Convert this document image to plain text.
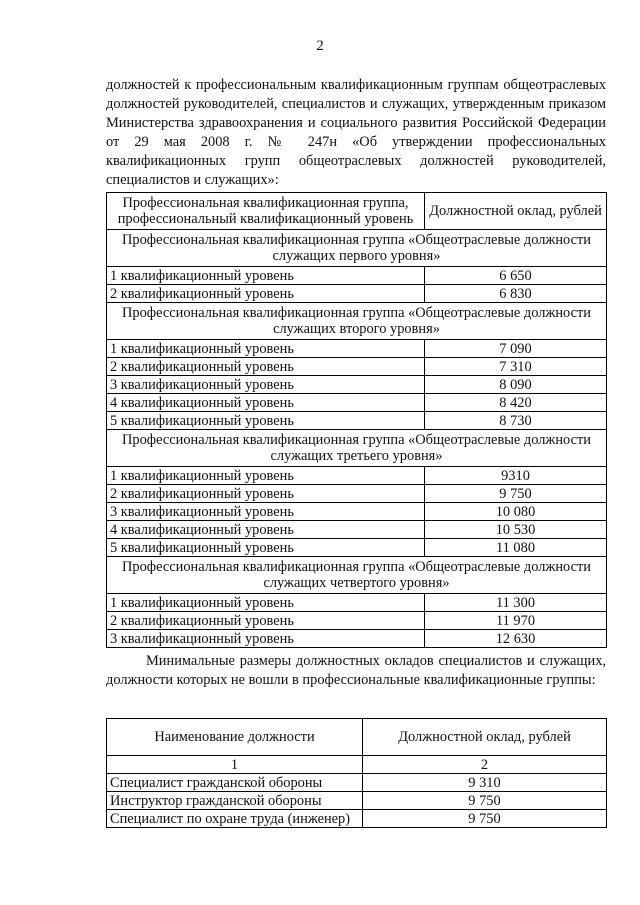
2

должностей к профессиональным квалификационным группам общеотраслевых должностей руководителей, специалистов и служащих, утвержденным приказом Министерства здравоохранения и социального развития Российской Федерации от 29 мая 2008 г. № 247н «Об утверждении профессиональных квалификационных групп общеотраслевых должностей руководителей, специалистов и служащих»:

Профессиональная квалификационная группа, профессиональный квалификационный уровень	Должностной оклад, рублей
Профессиональная квалификационная группа «Общеотраслевые должности служащих первого уровня»	
1 квалификационный уровень	6 650
2 квалификационный уровень	6 830
Профессиональная квалификационная группа «Общеотраслевые должности служащих второго уровня»	
1 квалификационный уровень	7 090
2 квалификационный уровень	7 310
3 квалификационный уровень	8 090
4 квалификационный уровень	8 420
5 квалификационный уровень	8 730
Профессиональная квалификационная группа «Общеотраслевые должности служащих третьего уровня»	
1 квалификационный уровень	9310
2 квалификационный уровень	9 750
3 квалификационный уровень	10 080
4 квалификационный уровень	10 530
5 квалификационный уровень	11 080
Профессиональная квалификационная группа «Общеотраслевые должности служащих четвертого уровня»	
1 квалификационный уровень	11 300
2 квалификационный уровень	11 970
3 квалификационный уровень	12 630

Минимальные размеры должностных окладов специалистов и служащих, должности которых не вошли в профессиональные квалификационные группы:

Наименование должности	Должностной оклад, рублей
1	2
Специалист гражданской обороны	9 310
Инструктор гражданской обороны	9 750
Специалист по охране труда (инженер)	9 750
